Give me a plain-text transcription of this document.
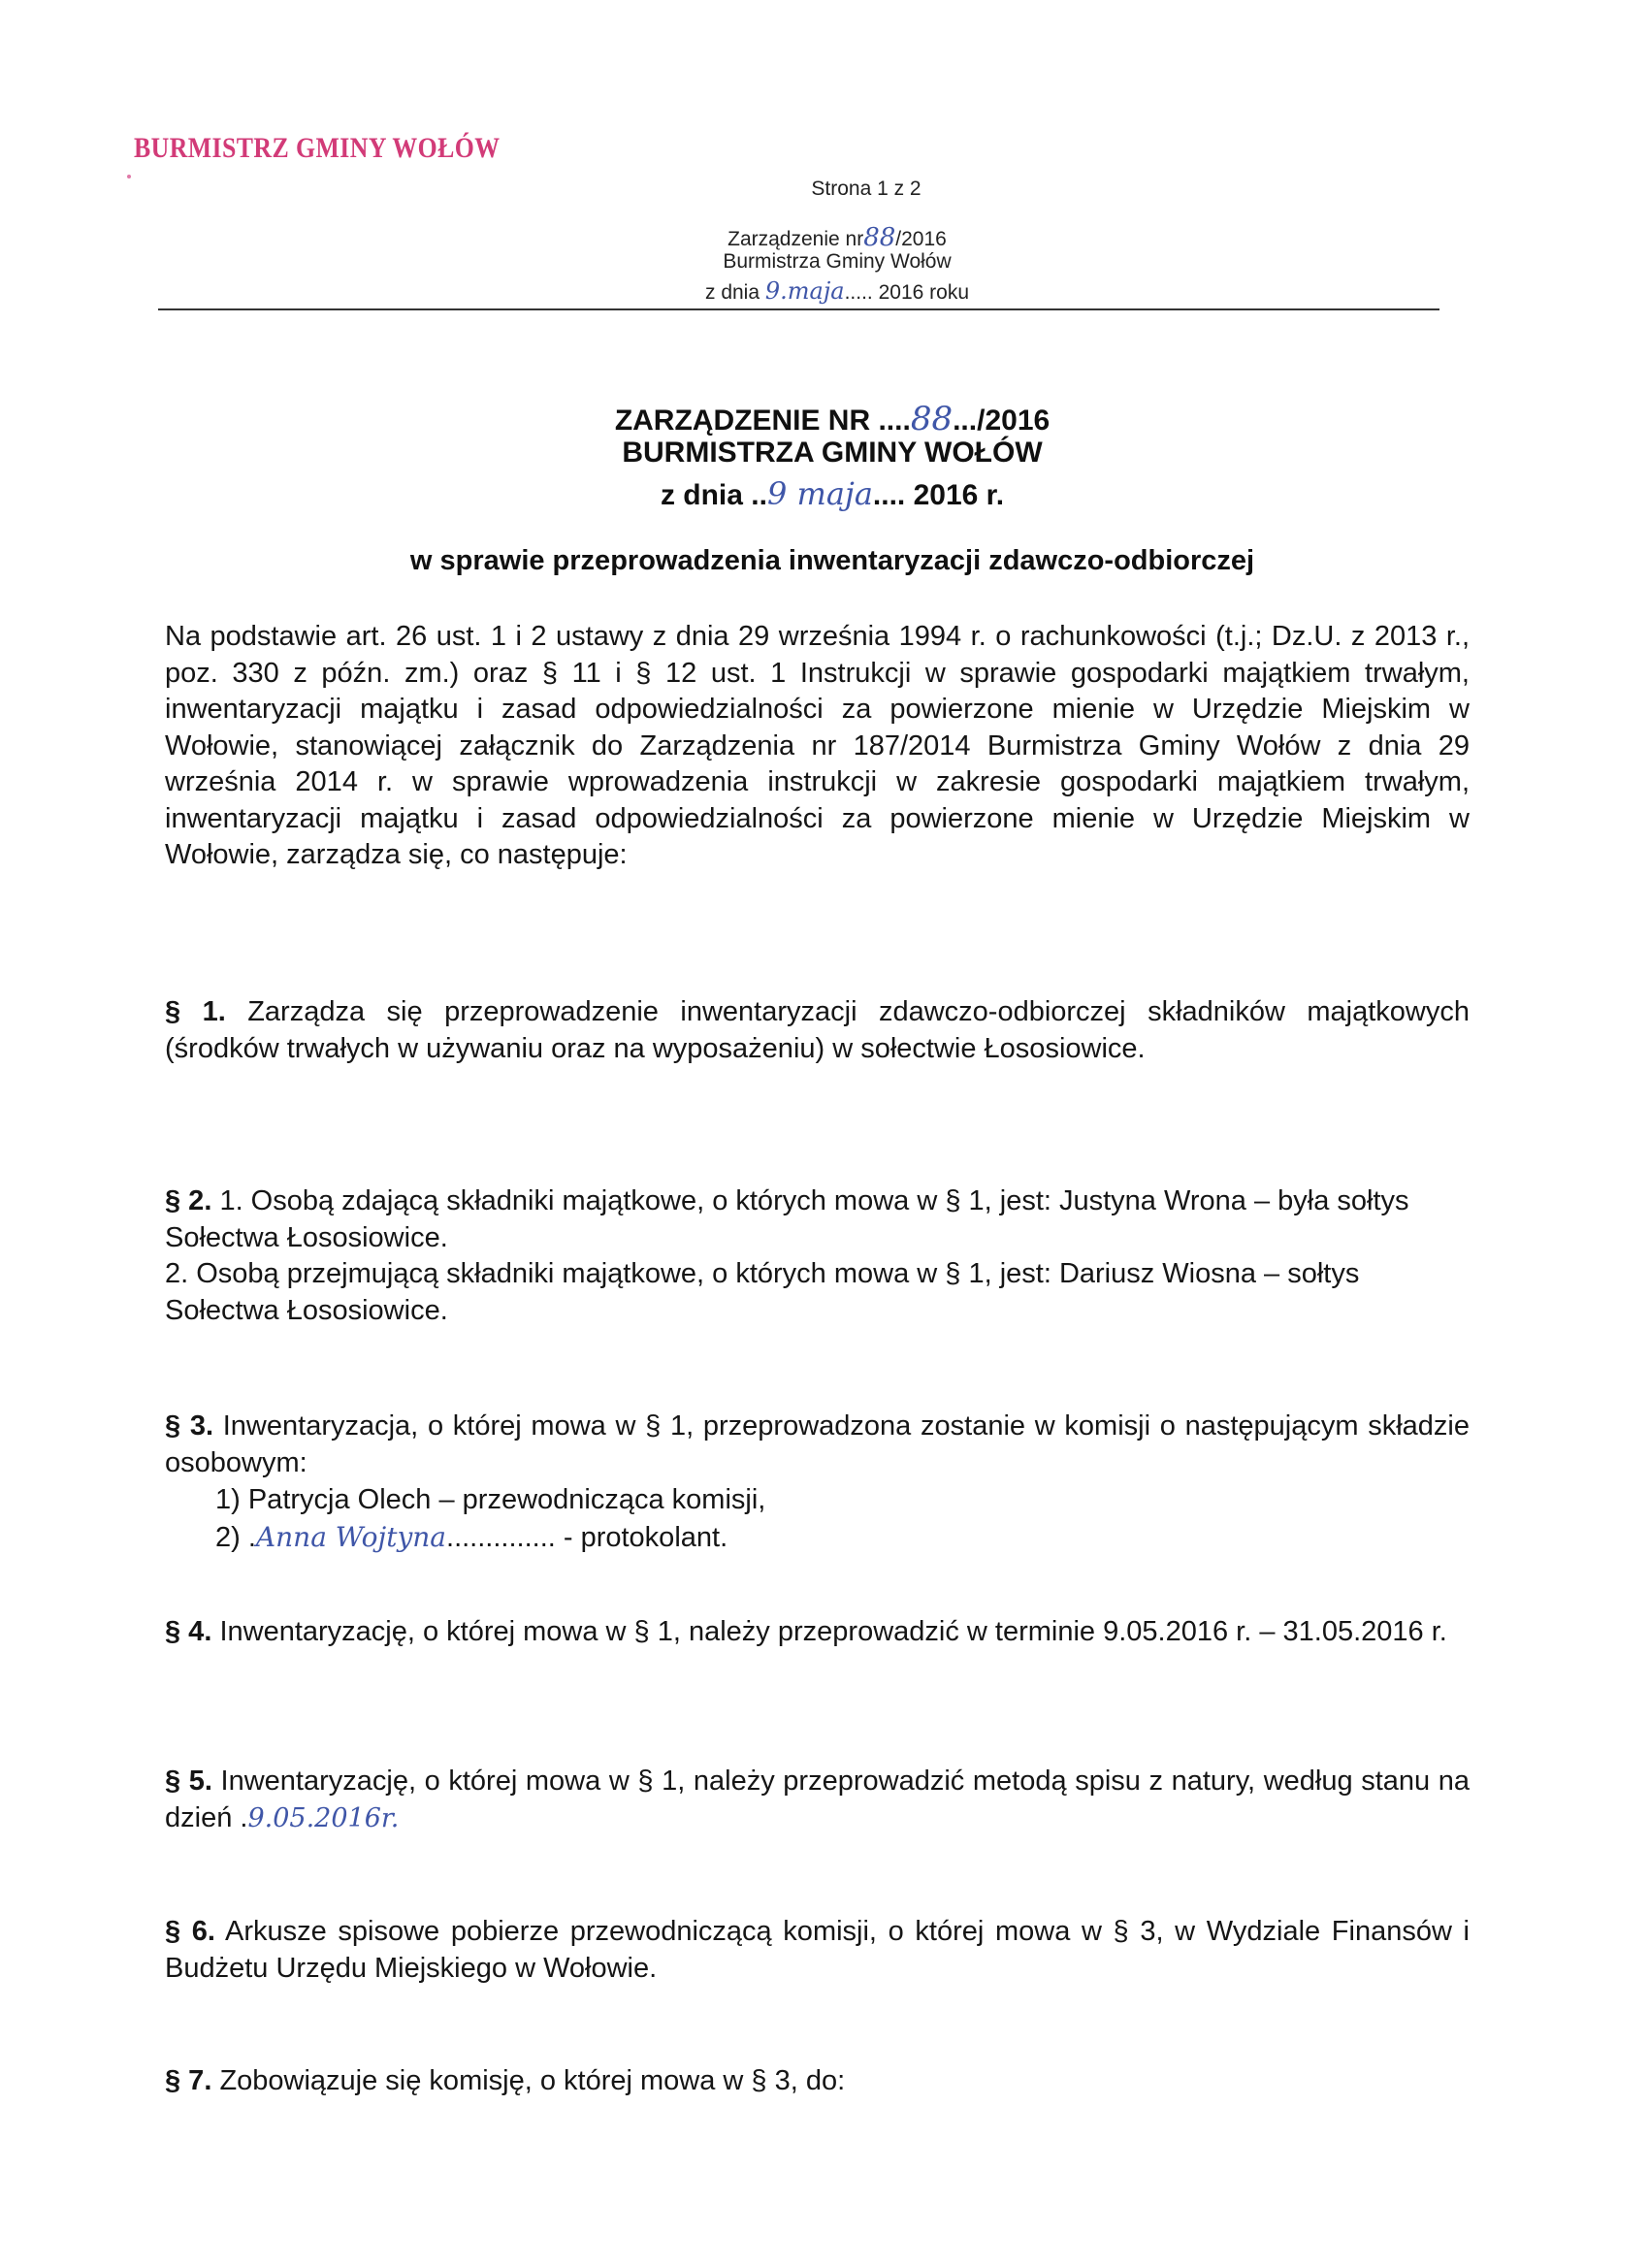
BURMISTRZ GMINY WOŁÓW
Strona 1 z 2
Zarządzenie nr88/2016
Burmistrza Gminy Wołów
z dnia 9.maja..... 2016 roku
ZARZĄDZENIE NR ....88.../2016
BURMISTRZA GMINY WOŁÓW
z dnia ..9 maja.... 2016 r.
w sprawie przeprowadzenia inwentaryzacji zdawczo-odbiorczej
Na podstawie art. 26 ust. 1 i 2 ustawy z dnia 29 września 1994 r. o rachunkowości (t.j.; Dz.U. z 2013 r., poz. 330 z późn. zm.) oraz § 11 i § 12 ust. 1 Instrukcji w sprawie gospodarki majątkiem trwałym, inwentaryzacji majątku i zasad odpowiedzialności za powierzone mienie w Urzędzie Miejskim w Wołowie, stanowiącej załącznik do Zarządzenia nr 187/2014 Burmistrza Gminy Wołów z dnia 29 września 2014 r. w sprawie wprowadzenia instrukcji w zakresie gospodarki majątkiem trwałym, inwentaryzacji majątku i zasad odpowiedzialności za powierzone mienie w Urzędzie Miejskim w Wołowie, zarządza się, co następuje:
§ 1. Zarządza się przeprowadzenie inwentaryzacji zdawczo-odbiorczej składników majątkowych (środków trwałych w używaniu oraz na wyposażeniu) w sołectwie Łososiowice.
§ 2. 1. Osobą zdającą składniki majątkowe, o których mowa w § 1, jest: Justyna Wrona – była sołtys Sołectwa Łososiowice.
2. Osobą przejmującą składniki majątkowe, o których mowa w § 1, jest: Dariusz Wiosna – sołtys Sołectwa Łososiowice.
§ 3. Inwentaryzacja, o której mowa w § 1, przeprowadzona zostanie w komisji o następującym składzie osobowym:
1) Patrycja Olech – przewodnicząca komisji,
2) .Anna Wojtyna.............. - protokolant.
§ 4. Inwentaryzację, o której mowa w § 1, należy przeprowadzić w terminie 9.05.2016 r. – 31.05.2016 r.
§ 5. Inwentaryzację, o której mowa w § 1, należy przeprowadzić metodą spisu z natury, według stanu na dzień .9.05.2016r.
§ 6. Arkusze spisowe pobierze przewodniczącą komisji, o której mowa w § 3, w Wydziale Finansów i Budżetu Urzędu Miejskiego w Wołowie.
§ 7. Zobowiązuje się komisję, o której mowa w § 3, do:
